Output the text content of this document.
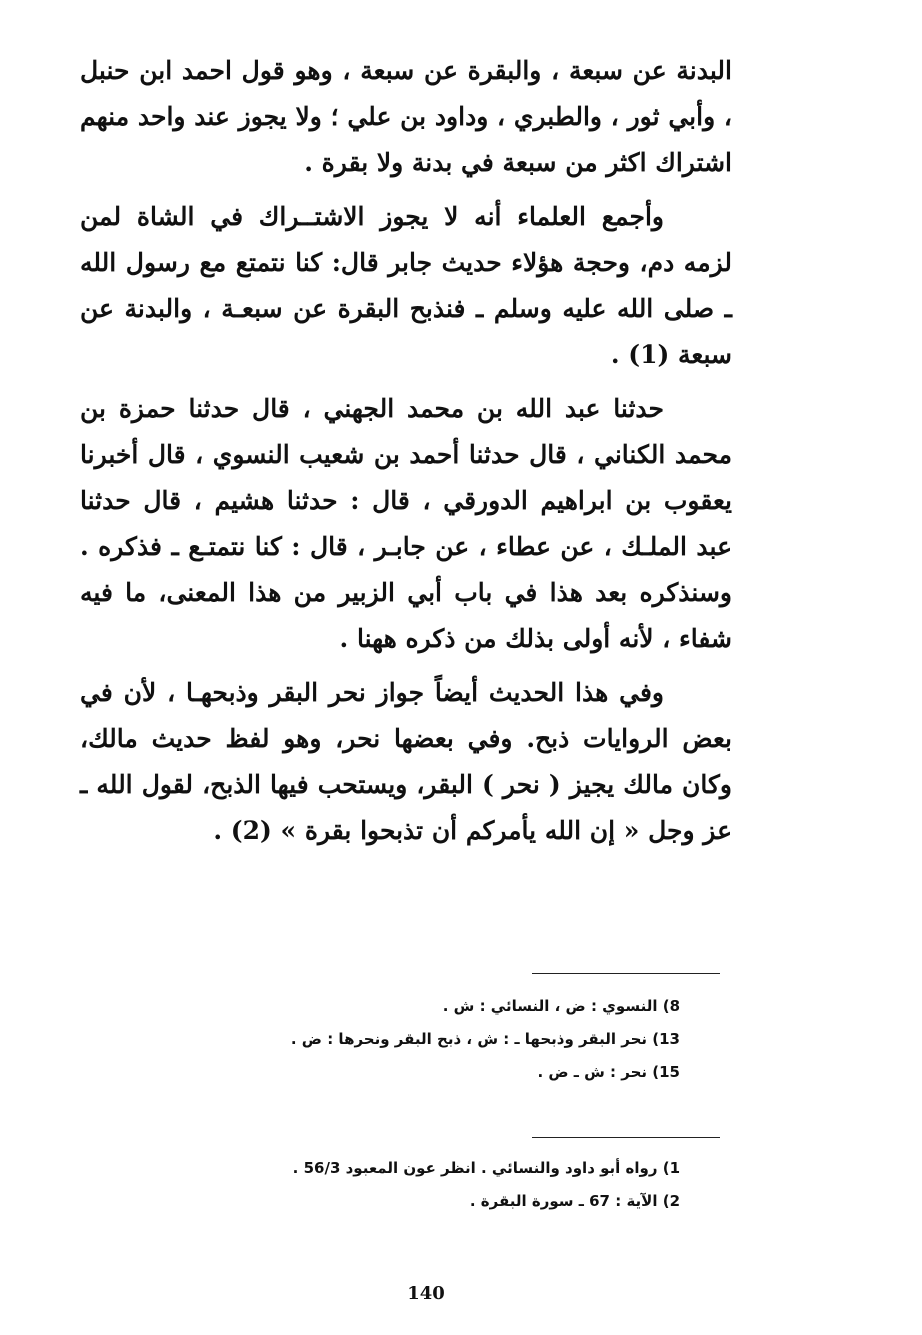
البدنة عن سبعة ، والبقرة عن سبعة ، وهو قول احمد ابن حنبل ، وأبي ثور ، والطبري ، وداود بن علي ؛ ولا يجوز عند واحد منهم اشتراك اكثر من سبعة في بدنة ولا بقرة .

وأجمع العلماء أنه لا يجوز الاشتــراك في الشاة لمن لزمه دم، وحجة هؤلاء حديث جابر قال: كنا نتمتع مع رسول الله ـ صلى الله عليه وسلم ـ فنذبح البقرة عن سبعـة ، والبدنة عن سبعة (1) .

حدثنا عبد الله بن محمد الجهني ، قال حدثنا حمزة بن محمد الكناني ، قال حدثنا أحمد بن شعيب النسوي ، قال أخبرنا يعقوب بن ابراهيم الدورقي ، قال : حدثنا هشيم ، قال حدثنا عبد الملـك ، عن عطاء ، عن جابـر ، قال : كنا نتمتـع ـ فذكره . وسنذكره بعد هذا في باب أبي الزبير من هذا المعنى، ما فيه شفاء ، لأنه أولى بذلك من ذكره ههنا .

وفي هذا الحديث أيضاً جواز نحر البقر وذبحهـا ، لأن في بعض الروايات ذبح. وفي بعضها نحر، وهو لفظ حديث مالك، وكان مالك يجيز ( نحر ) البقر، ويستحب فيها الذبح، لقول الله ـ عز وجل « إن الله يأمركم أن تذبحوا بقرة » (2) .

8) النسوي : ض ، النسائي : ش .
13) نحر البقر وذبحها ـ : ش ، ذبح البقر ونحرها : ض .
15) نحر : ش ـ ض .
1) رواه أبو داود والنسائي . انظر عون المعبود 56/3 .
2) الآية : 67 ـ سورة البقرة .
140
